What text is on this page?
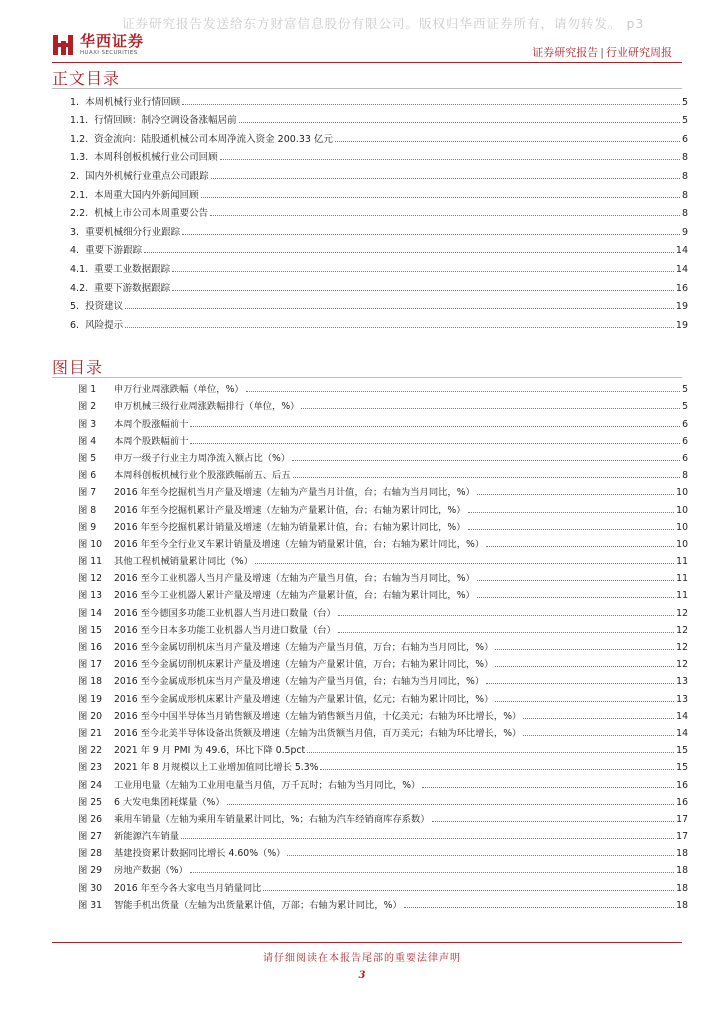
证券研究报告发送给东方财富信息股份有限公司。版权归华西证券所有，请勿转发。 p3
华西证券
HUAXI SECURITIES	证券研究报告 | 行业研究周报
正文目录
1. 本周机械行业行情回顾	5
1.1. 行情回顾：制冷空调设备涨幅居前	5
1.2. 资金流向：陆股通机械公司本周净流入资金 200.33 亿元	6
1.3. 本周科创板机械行业公司回顾	8
2. 国内外机械行业重点公司跟踪	8
2.1. 本周重大国内外新闻回顾	8
2.2. 机械上市公司本周重要公告	8
3. 重要机械细分行业跟踪	9
4. 重要下游跟踪	14
4.1. 重要工业数据跟踪	14
4.2. 重要下游数据跟踪	16
5. 投资建议	19
6. 风险提示	19
图目录
图 1	申万行业周涨跌幅（单位，%）	5
图 2	申万机械三级行业周涨跌幅排行（单位，%）	5
图 3	本周个股涨幅前十	6
图 4	本周个股跌幅前十	6
图 5	申万一级子行业主力周净流入额占比（%）	6
图 6	本周科创板机械行业个股涨跌幅前五、后五	8
图 7	2016 年至今挖掘机当月产量及增速（左轴为产量当月计值，台；右轴为当月同比，%）	10
图 8	2016 年至今挖掘机累计产量及增速（左轴为产量累计值，台；右轴为累计同比，%）	10
图 9	2016 年至今挖掘机累计销量及增速（左轴为销量累计值，台；右轴为累计同比，%）	10
图 10	2016 年至今全行业叉车累计销量及增速（左轴为销量累计值，台；右轴为累计同比，%）	10
图 11	其他工程机械销量累计同比（%）	11
图 12	2016 至今工业机器人当月产量及增速（左轴为产量当月值，台；右轴为当月同比，%）	11
图 13	2016 至今工业机器人累计产量及增速（左轴为产量累计值，台；右轴为累计同比，%）	11
图 14	2016 至今德国多功能工业机器人当月进口数量（台）	12
图 15	2016 至今日本多功能工业机器人当月进口数量（台）	12
图 16	2016 至今金属切削机床当月产量及增速（左轴为产量当月值，万台；右轴为当月同比，%）	12
图 17	2016 至今金属切削机床累计产量及增速（左轴为产量累计值，万台；右轴为累计同比，%）	12
图 18	2016 至今金属成形机床当月产量及增速（左轴为产量当月值，台；右轴为当月同比，%）	13
图 19	2016 至今金属成形机床累计产量及增速（左轴为产量累计值，亿元；右轴为累计同比，%）	13
图 20	2016 至今中国半导体当月销售额及增速（左轴为销售额当月值，十亿美元；右轴为环比增长，%）	14
图 21	2016 至今北美半导体设备出货额及增速（左轴为出货额当月值，百万美元；右轴为环比增长，%）	14
图 22	2021 年 9 月 PMI 为 49.6，环比下降 0.5pct	15
图 23	2021 年 8 月规模以上工业增加值同比增长 5.3%	15
图 24	工业用电量（左轴为工业用电量当月值，万千瓦时；右轴为当月同比，%）	16
图 25	6 大发电集团耗煤量（%）	16
图 26	乘用车销量（左轴为乘用车销量累计同比，%；右轴为汽车经销商库存系数）	17
图 27	新能源汽车销量	17
图 28	基建投资累计数据同比增长 4.60%（%）	18
图 29	房地产数据（%）	18
图 30	2016 年至今各大家电当月销量同比	18
图 31	智能手机出货量（左轴为出货量累计值，万部；右轴为累计同比，%）	18
请仔细阅读在本报告尾部的重要法律声明
3
